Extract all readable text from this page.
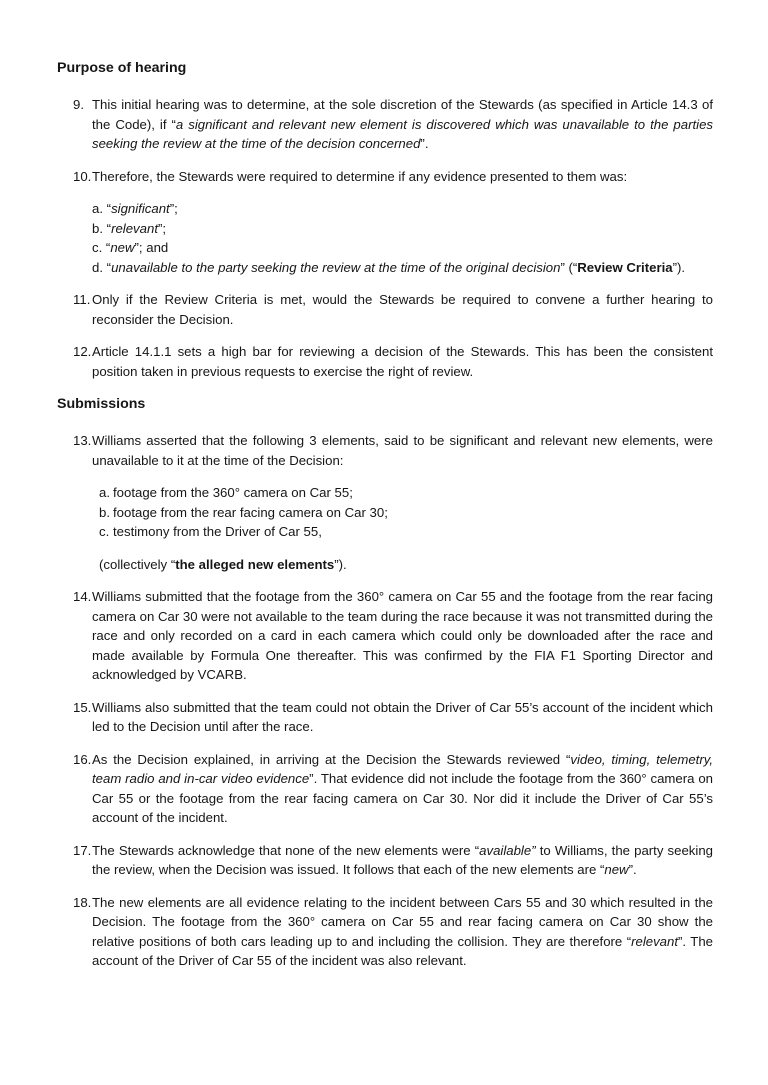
Purpose of hearing
9. This initial hearing was to determine, at the sole discretion of the Stewards (as specified in Article 14.3 of the Code), if “a significant and relevant new element is discovered which was unavailable to the parties seeking the review at the time of the decision concerned”.
10. Therefore, the Stewards were required to determine if any evidence presented to them was:
a. “significant”;
b. “relevant”;
c. “new”; and
d. “unavailable to the party seeking the review at the time of the original decision” (“Review Criteria”).
11. Only if the Review Criteria is met, would the Stewards be required to convene a further hearing to reconsider the Decision.
12. Article 14.1.1 sets a high bar for reviewing a decision of the Stewards. This has been the consistent position taken in previous requests to exercise the right of review.
Submissions
13. Williams asserted that the following 3 elements, said to be significant and relevant new elements, were unavailable to it at the time of the Decision:
a. footage from the 360° camera on Car 55;
b. footage from the rear facing camera on Car 30;
c. testimony from the Driver of Car 55,
(collectively “the alleged new elements”).
14. Williams submitted that the footage from the 360° camera on Car 55 and the footage from the rear facing camera on Car 30 were not available to the team during the race because it was not transmitted during the race and only recorded on a card in each camera which could only be downloaded after the race and made available by Formula One thereafter. This was confirmed by the FIA F1 Sporting Director and acknowledged by VCARB.
15. Williams also submitted that the team could not obtain the Driver of Car 55’s account of the incident which led to the Decision until after the race.
16. As the Decision explained, in arriving at the Decision the Stewards reviewed “video, timing, telemetry, team radio and in-car video evidence”. That evidence did not include the footage from the 360° camera on Car 55 or the footage from the rear facing camera on Car 30. Nor did it include the Driver of Car 55’s account of the incident.
17. The Stewards acknowledge that none of the new elements were “available” to Williams, the party seeking the review, when the Decision was issued. It follows that each of the new elements are “new”.
18. The new elements are all evidence relating to the incident between Cars 55 and 30 which resulted in the Decision. The footage from the 360° camera on Car 55 and rear facing camera on Car 30 show the relative positions of both cars leading up to and including the collision. They are therefore “relevant”. The account of the Driver of Car 55 of the incident was also relevant.
